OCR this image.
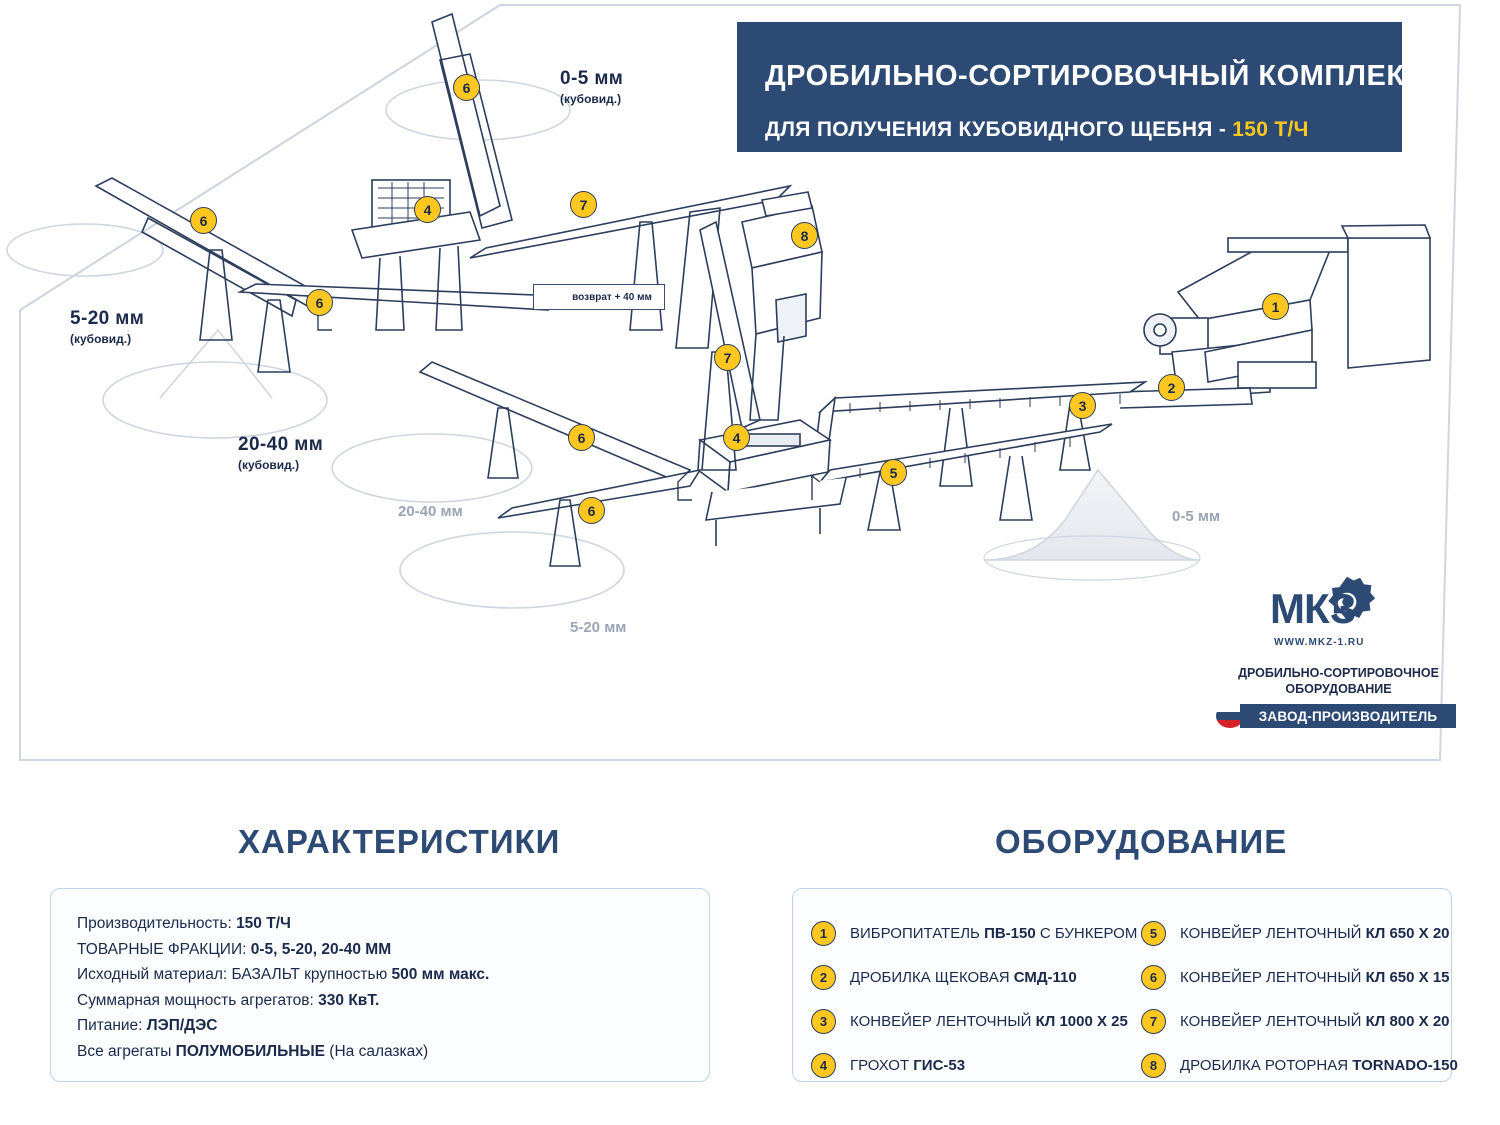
ДРОБИЛЬНО-СОРТИРОВОЧНЫЙ КОМПЛЕКС
ДЛЯ ПОЛУЧЕНИЯ КУБОВИДНОГО ЩЕБНЯ - 150 Т/Ч
0-5 мм
(кубовид.)
5-20 мм
(кубовид.)
20-40 мм
(кубовид.)
20-40 мм
5-20 мм
0-5 мм
возврат + 40 мм
6
4	7
8
6
6	1
7
2
3
4
6
5
6
МКЗ
WWW.MKZ-1.RU
ДРОБИЛЬНО-СОРТИРОВОЧНОЕ
ОБОРУДОВАНИЕ
ЗАВОД-ПРОИЗВОДИТЕЛЬ
ХАРАКТЕРИСТИКИ
Производительность: 150 Т/Ч
ТОВАРНЫЕ ФРАКЦИИ: 0-5, 5-20, 20-40 ММ
Исходный материал: БАЗАЛЬТ крупностью 500 мм макс.
Суммарная мощность агрегатов: 330 КвТ.
Питание: ЛЭП/ДЭС
Все агрегаты ПОЛУМОБИЛЬНЫЕ (На салазках)
ОБОРУДОВАНИЕ
1	ВИБРОПИТАТЕЛЬ ПВ-150 С БУНКЕРОМ
2	ДРОБИЛКА ЩЕКОВАЯ СМД-110
3	КОНВЕЙЕР ЛЕНТОЧНЫЙ КЛ 1000 Х 25
4	ГРОХОТ ГИС-53
5	КОНВЕЙЕР ЛЕНТОЧНЫЙ КЛ 650 Х 20
6	КОНВЕЙЕР ЛЕНТОЧНЫЙ КЛ 650 Х 15
7	КОНВЕЙЕР ЛЕНТОЧНЫЙ КЛ 800 Х 20
8	ДРОБИЛКА РОТОРНАЯ TORNADO-150
